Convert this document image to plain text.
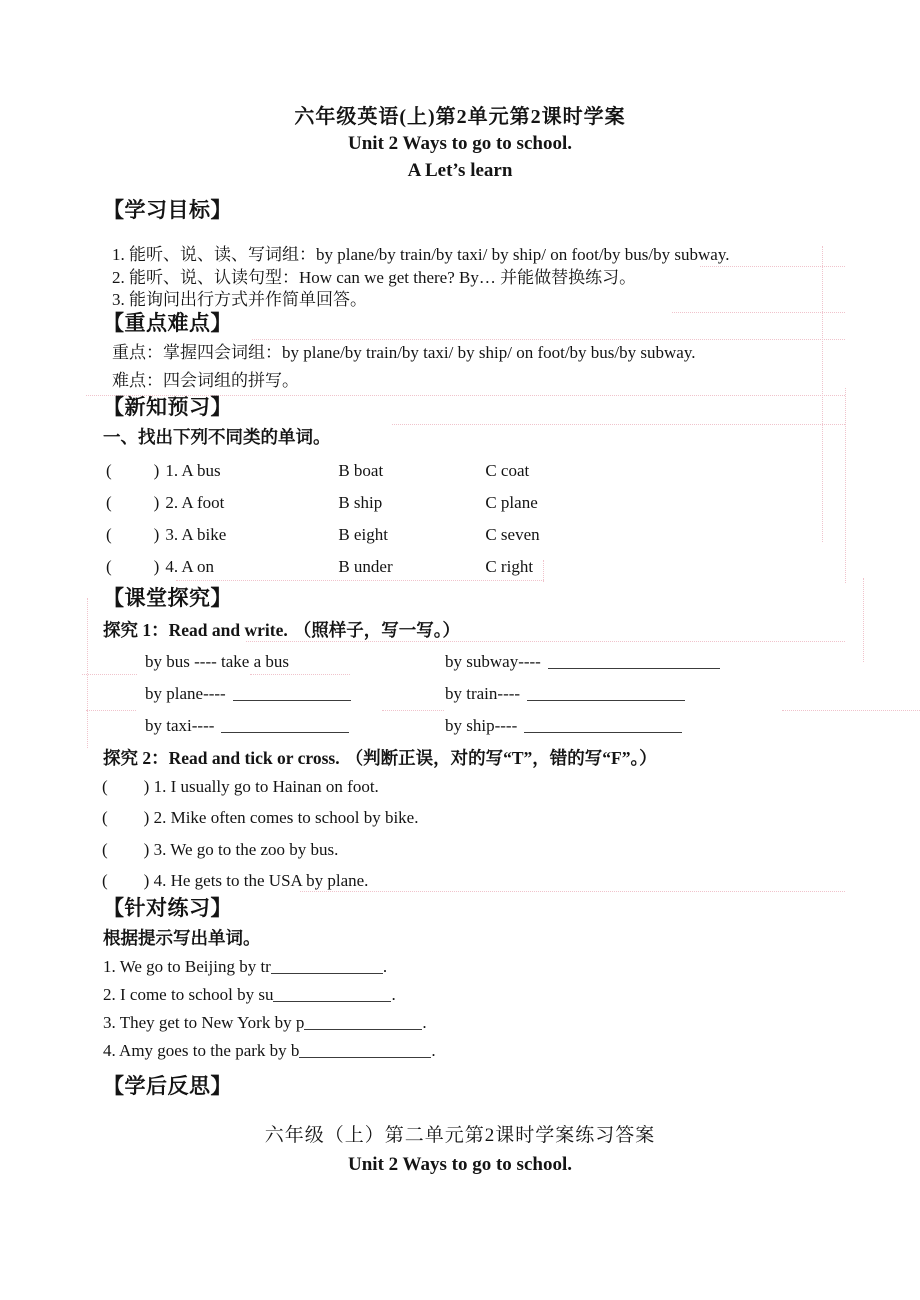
六年级英语(上)第2单元第2课时学案
Unit 2 Ways to go to school.
A Let’s learn
【学习目标】
1. 能听、说、读、写词组：by plane/by train/by taxi/ by ship/ on foot/by bus/by subway.
2. 能听、说、认读句型：How can we get there? By… 并能做替换练习。
3. 能询问出行方式并作简单回答。
【重点难点】
重点：掌握四会词组：by plane/by train/by taxi/ by ship/ on foot/by bus/by subway.
难点：四会词组的拼写。
【新知预习】
一、找出下列不同类的单词。
( ) 1. A bus	B boat	C coat
( ) 2. A foot	B ship	C plane
( ) 3. A bike	B eight	C seven
( ) 4. A on	B under	C right
【课堂探究】
探究 1：Read and write. （照样子，写一写。）
by bus ---- take a bus	by subway----
by plane----	by train----
by taxi----	by ship----
探究 2：Read and tick or cross. （判断正误，对的写“T”，错的写“F”。）
( ) 1. I usually go to Hainan on foot.
( ) 2. Mike often comes to school by bike.
( ) 3. We go to the zoo by bus.
( ) 4. He gets to the USA by plane.
【针对练习】
根据提示写出单词。
1. We go to Beijing by tr	.
2. I come to school by su	.
3. They get to New York by p	.
4. Amy goes to the park by b	.
【学后反思】
六年级（上）第二单元第2课时学案练习答案
Unit 2 Ways to go to school.
